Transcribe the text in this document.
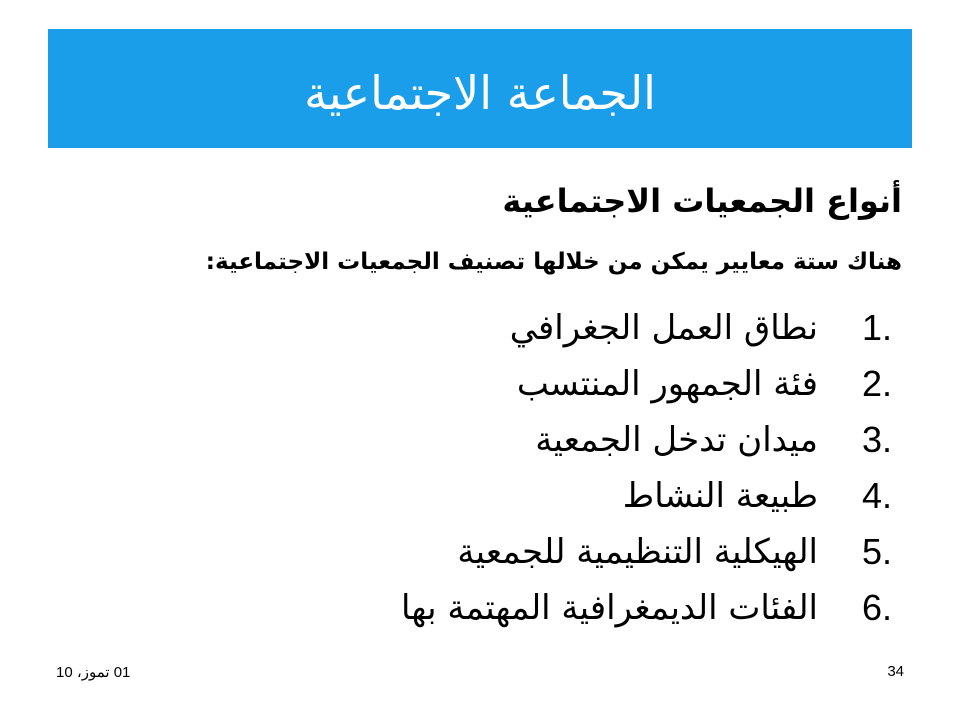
الجماعة الاجتماعية
أنواع الجمعيات الاجتماعية
هناك ستة معايير يمكن من خلالها تصنيف الجمعيات الاجتماعية:
1.
نطاق العمل الجغرافي
2.
فئة الجمهور المنتسب
3.
ميدان تدخل الجمعية
4.
طبيعة النشاط
5.
الهيكلية التنظيمية للجمعية
6.
الفئات الديمغرافية المهتمة بها
01 تموز، 10	34
